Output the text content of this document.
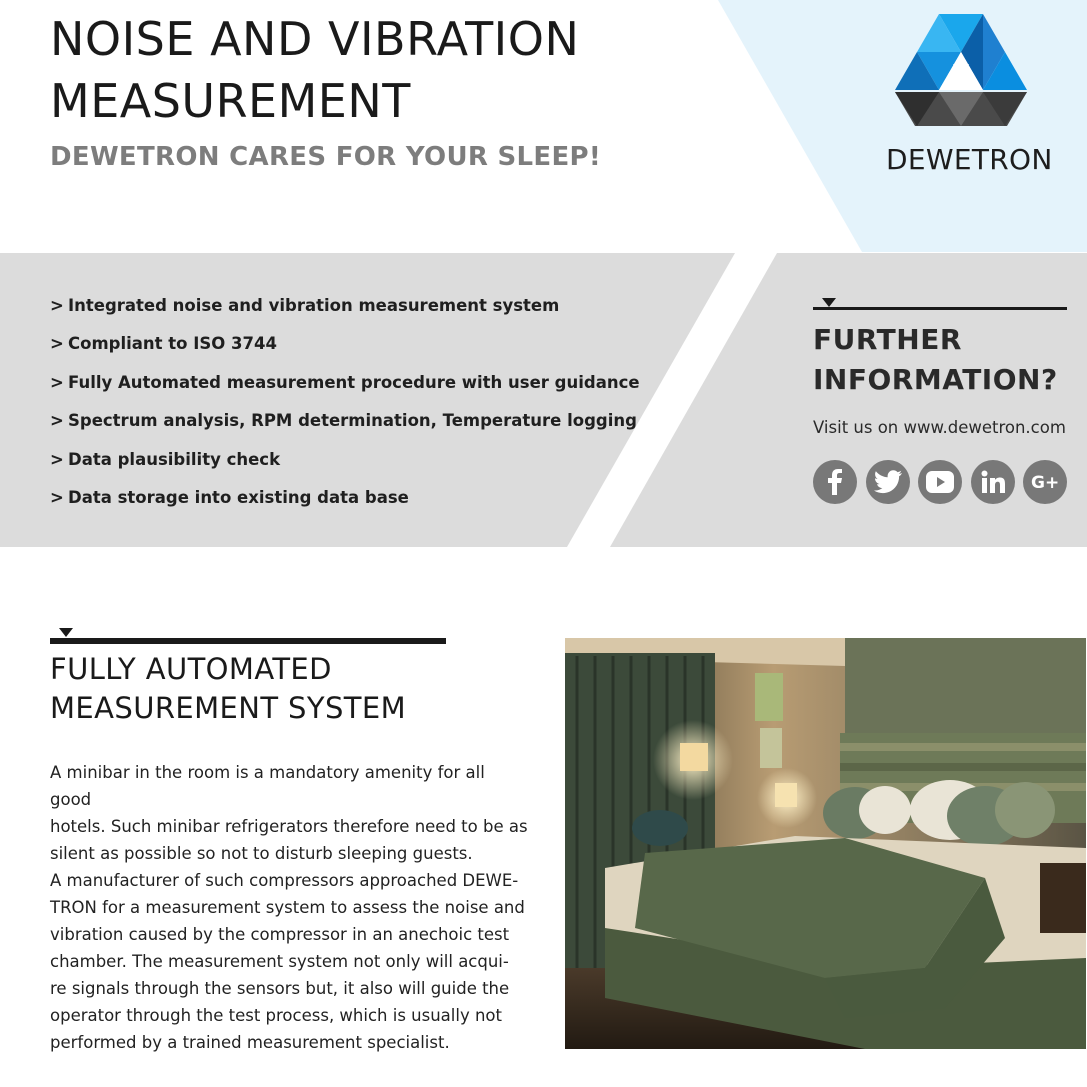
NOISE AND VIBRATION
MEASUREMENT
DEWETRON CARES FOR YOUR SLEEP!	DEWETRON
> Integrated noise and vibration measurement system
> Compliant to ISO 3744
> Fully Automated measurement procedure with user guidance
> Spectrum analysis, RPM determination, Temperature logging
> Data plausibility check
> Data storage into existing data base
FURTHER
INFORMATION?
Visit us on www.dewetron.com
G+
FULLY AUTOMATED
MEASUREMENT SYSTEM

A minibar in the room is a mandatory amenity for all good
hotels. Such minibar refrigerators therefore need to be as
silent as possible so not to disturb sleeping guests.

A manufacturer of such compressors approached DEWE-
TRON for a measurement system to assess the noise and
vibration caused by the compressor in an anechoic test
chamber. The measurement system not only will acqui-
re signals through the sensors but, it also will guide the
operator through the test process, which is usually not
performed by a trained measurement specialist.
